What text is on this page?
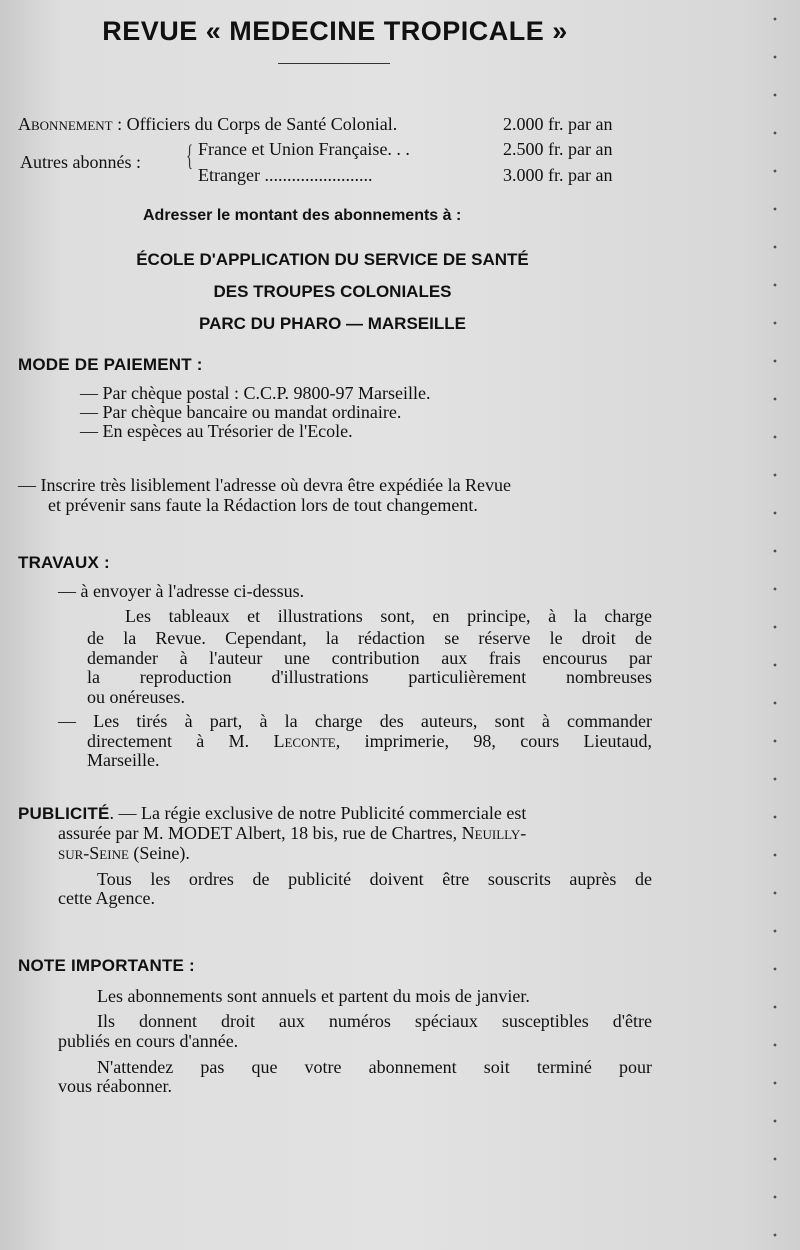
REVUE « MEDECINE TROPICALE »
Abonnement : Officiers du Corps de Santé Colonial.	2.000 fr. par an
Autres abonnés : { France et Union Française. . .	2.500 fr. par an
Etranger ........................	3.000 fr. par an
Adresser le montant des abonnements à :
ÉCOLE D'APPLICATION DU SERVICE DE SANTÉ
DES TROUPES COLONIALES
PARC DU PHARO — MARSEILLE
MODE DE PAIEMENT :
— Par chèque postal : C.C.P. 9800-97 Marseille.
— Par chèque bancaire ou mandat ordinaire.
— En espèces au Trésorier de l'Ecole.
— Inscrire très lisiblement l'adresse où devra être expédiée la Revue
et prévenir sans faute la Rédaction lors de tout changement.
TRAVAUX :
— à envoyer à l'adresse ci-dessus.
Les tableaux et illustrations sont, en principe, à la charge
de la Revue. Cependant, la rédaction se réserve le droit de
demander à l'auteur une contribution aux frais encourus par
la reproduction d'illustrations particulièrement nombreuses
ou onéreuses.
— Les tirés à part, à la charge des auteurs, sont à commander
directement à M. Leconte, imprimerie, 98, cours Lieutaud,
Marseille.
PUBLICITÉ. — La régie exclusive de notre Publicité commerciale est
assurée par M. MODET Albert, 18 bis, rue de Chartres, Neuilly-
sur-Seine (Seine).
Tous les ordres de publicité doivent être souscrits auprès de
cette Agence.
NOTE IMPORTANTE :
Les abonnements sont annuels et partent du mois de janvier.
Ils donnent droit aux numéros spéciaux susceptibles d'être
publiés en cours d'année.
N'attendez pas que votre abonnement soit terminé pour
vous réabonner.
